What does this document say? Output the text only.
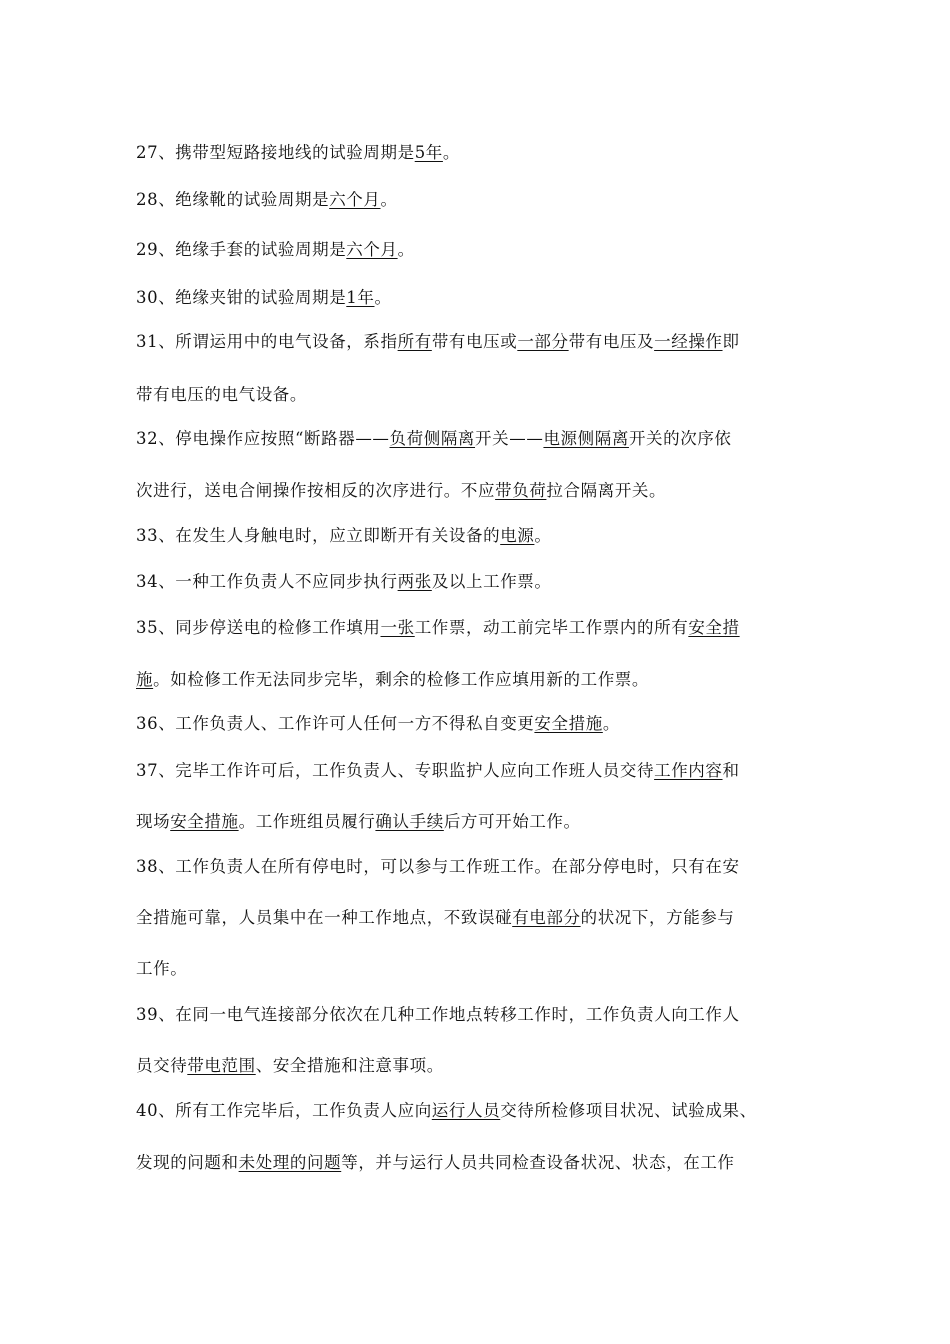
27、携带型短路接地线的试验周期是5年。
28、绝缘靴的试验周期是六个月。
29、绝缘手套的试验周期是六个月。
30、绝缘夹钳的试验周期是1年。
31、所谓运用中的电气设备，系指所有带有电压或一部分带有电压及一经操作即
带有电压的电气设备。
32、停电操作应按照“断路器——负荷侧隔离开关——电源侧隔离开关的次序依
次进行，送电合闸操作按相反的次序进行。不应带负荷拉合隔离开关。
33、在发生人身触电时，应立即断开有关设备的电源。
34、一种工作负责人不应同步执行两张及以上工作票。
35、同步停送电的检修工作填用一张工作票，动工前完毕工作票内的所有安全措
施。如检修工作无法同步完毕，剩余的检修工作应填用新的工作票。
36、工作负责人、工作许可人任何一方不得私自变更安全措施。
37、完毕工作许可后，工作负责人、专职监护人应向工作班人员交待工作内容和
现场安全措施。工作班组员履行确认手续后方可开始工作。
38、工作负责人在所有停电时，可以参与工作班工作。在部分停电时，只有在安
全措施可靠，人员集中在一种工作地点，不致误碰有电部分的状况下，方能参与
工作。
39、在同一电气连接部分依次在几种工作地点转移工作时，工作负责人向工作人
员交待带电范围、安全措施和注意事项。
40、所有工作完毕后，工作负责人应向运行人员交待所检修项目状况、试验成果、
发现的问题和未处理的问题等，并与运行人员共同检查设备状况、状态，在工作
